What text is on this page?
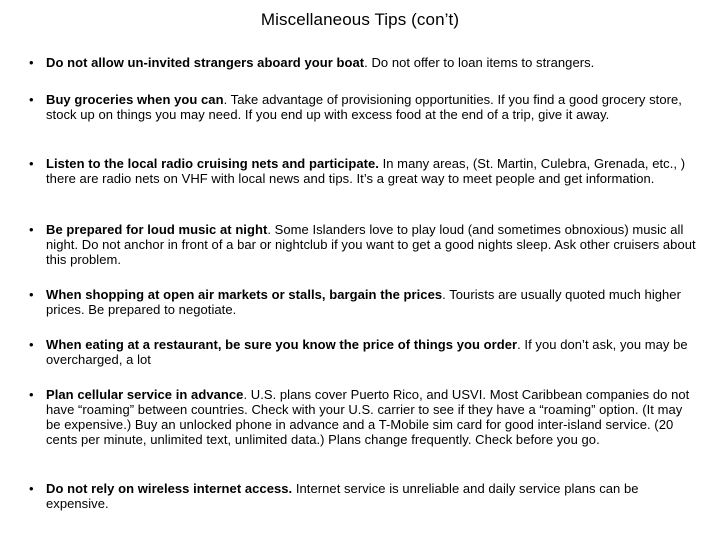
Miscellaneous Tips (con’t)
• Do not allow un-invited strangers aboard your boat. Do not offer to loan items to strangers.
• Buy groceries when you can. Take advantage of provisioning opportunities. If you find a good grocery store, stock up on things you may need. If you end up with excess food at the end of a trip, give it away.
• Listen to the local radio cruising nets and participate. In many areas, (St. Martin, Culebra, Grenada, etc., ) there are radio nets on VHF with local news and tips. It’s a great way to meet people and get information.
• Be prepared for loud music at night. Some Islanders love to play loud (and sometimes obnoxious) music all night. Do not anchor in front of a bar or nightclub if you want to get a good nights sleep. Ask other cruisers about this problem.
• When shopping at open air markets or stalls, bargain the prices. Tourists are usually quoted much higher prices. Be prepared to negotiate.
• When eating at a restaurant, be sure you know the price of things you order. If you don’t ask, you may be overcharged, a lot
• Plan cellular service in advance. U.S. plans cover Puerto Rico, and USVI. Most Caribbean companies do not have “roaming” between countries. Check with your U.S. carrier to see if they have a “roaming” option. (It may be expensive.) Buy an unlocked phone in advance and a T-Mobile sim card for good inter-island service. (20 cents per minute, unlimited text, unlimited data.) Plans change frequently. Check before you go.
• Do not rely on wireless internet access. Internet service is unreliable and daily service plans can be expensive.
